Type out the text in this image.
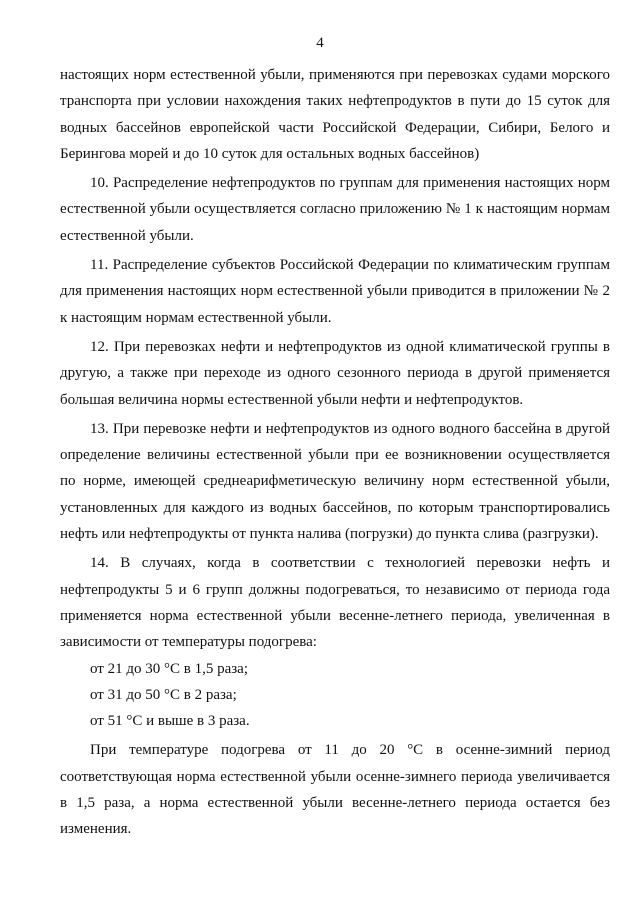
4

настоящих норм естественной убыли, применяются при перевозках судами морского транспорта при условии нахождения таких нефтепродуктов в пути до 15 суток для водных бассейнов европейской части Российской Федерации, Сибири, Белого и Берингова морей и до 10 суток для остальных водных бассейнов)

10. Распределение нефтепродуктов по группам для применения настоящих норм естественной убыли осуществляется согласно приложению № 1 к настоящим нормам естественной убыли.

11. Распределение субъектов Российской Федерации по климатическим группам для применения настоящих норм естественной убыли приводится в приложении № 2 к настоящим нормам естественной убыли.

12. При перевозках нефти и нефтепродуктов из одной климатической группы в другую, а также при переходе из одного сезонного периода в другой применяется большая величина нормы естественной убыли нефти и нефтепродуктов.

13. При перевозке нефти и нефтепродуктов из одного водного бассейна в другой определение величины естественной убыли при ее возникновении осуществляется по норме, имеющей среднеарифметическую величину норм естественной убыли, установленных для каждого из водных бассейнов, по которым транспортировались нефть или нефтепродукты от пункта налива (погрузки) до пункта слива (разгрузки).

14. В случаях, когда в соответствии с технологией перевозки нефть и нефтепродукты 5 и 6 групп должны подогреваться, то независимо от периода года применяется норма естественной убыли весенне-летнего периода, увеличенная в зависимости от температуры подогрева:

от 21 до 30 °С в 1,5 раза;

от 31 до 50 °С в 2 раза;

от 51 °С и выше в 3 раза.

При температуре подогрева от 11 до 20 °С в осенне-зимний период соответствующая норма естественной убыли осенне-зимнего периода увеличивается в 1,5 раза, а норма естественной убыли весенне-летнего периода остается без изменения.
